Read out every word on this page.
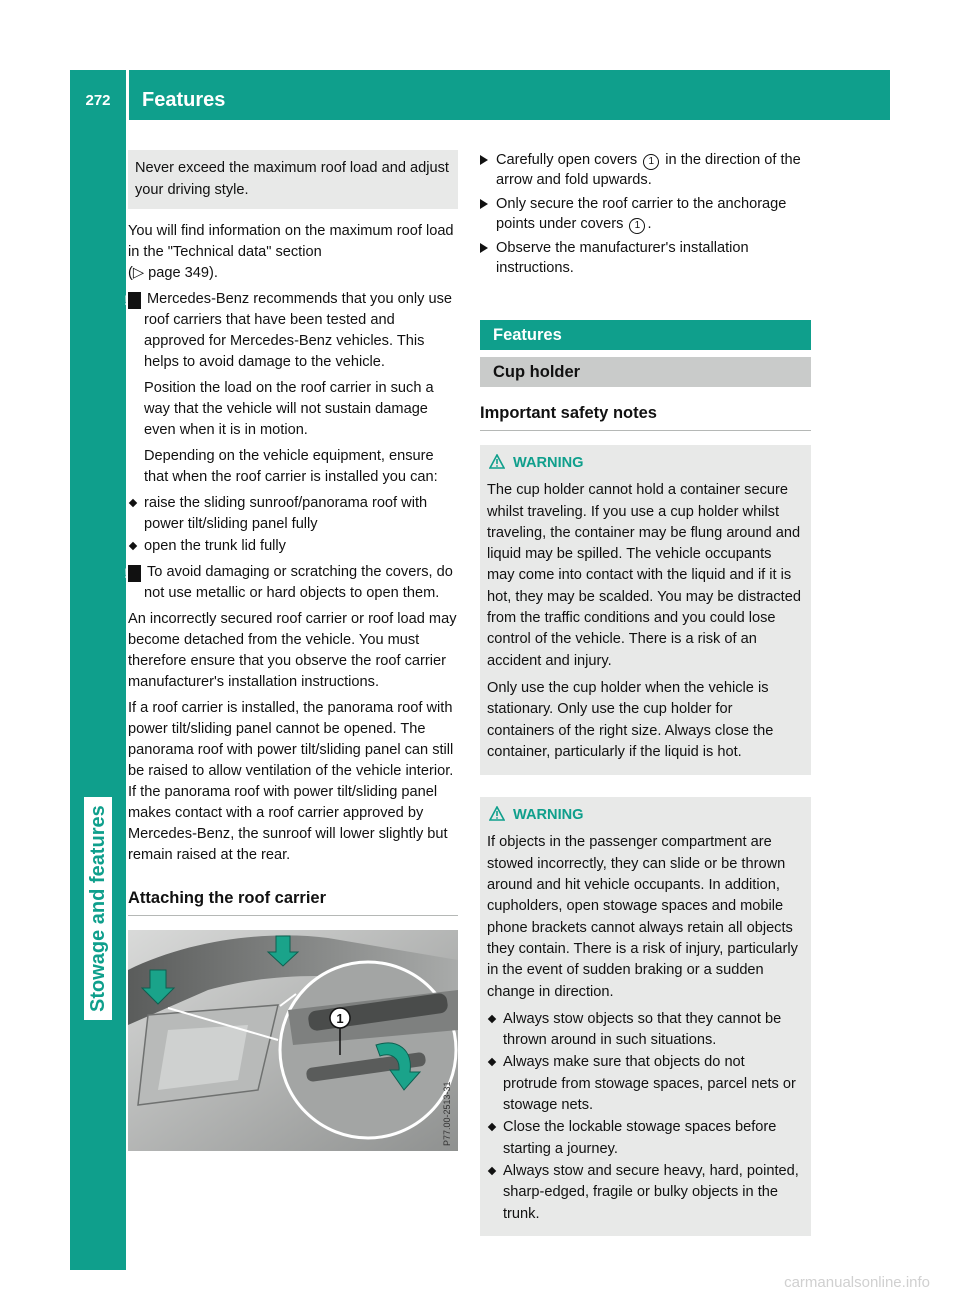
272	Features
Stowage and features
Never exceed the maximum roof load and adjust your driving style.

You will find information on the maximum roof load in the "Technical data" section
(▷ page 349).

! Mercedes-Benz recommends that you only use roof carriers that have been tested and approved for Mercedes-Benz vehicles. This helps to avoid damage to the vehicle.

Position the load on the roof carrier in such a way that the vehicle will not sustain damage even when it is in motion.

Depending on the vehicle equipment, ensure that when the roof carrier is installed you can:

raise the sliding sunroof/panorama roof with power tilt/sliding panel fully
open the trunk lid fully

! To avoid damaging or scratching the covers, do not use metallic or hard objects to open them.

An incorrectly secured roof carrier or roof load may become detached from the vehicle. You must therefore ensure that you observe the roof carrier manufacturer's installation instructions.

If a roof carrier is installed, the panorama roof with power tilt/sliding panel cannot be opened. The panorama roof with power tilt/sliding panel can still be raised to allow ventilation of the vehicle interior. If the panorama roof with power tilt/sliding panel makes contact with a roof carrier approved by Mercedes-Benz, the sunroof will lower slightly but remain raised at the rear.

Attaching the roof carrier
1
P77.00-2513-31
Carefully open covers 1 in the direction of the arrow and fold upwards.
Only secure the roof carrier to the anchorage points under covers 1 .
Observe the manufacturer's installation instructions.
Features
Cup holder
Important safety notes
WARNING

The cup holder cannot hold a container secure whilst traveling. If you use a cup holder whilst traveling, the container may be flung around and liquid may be spilled. The vehicle occupants may come into contact with the liquid and if it is hot, they may be scalded. You may be distracted from the traffic conditions and you could lose control of the vehicle. There is a risk of an accident and injury.

Only use the cup holder when the vehicle is stationary. Only use the cup holder for containers of the right size. Always close the container, particularly if the liquid is hot.

WARNING

If objects in the passenger compartment are stowed incorrectly, they can slide or be thrown around and hit vehicle occupants. In addition, cupholders, open stowage spaces and mobile phone brackets cannot always retain all objects they contain. There is a risk of injury, particularly in the event of sudden braking or a sudden change in direction.

Always stow objects so that they cannot be thrown around in such situations.
Always make sure that objects do not protrude from stowage spaces, parcel nets or stowage nets.
Close the lockable stowage spaces before starting a journey.
Always stow and secure heavy, hard, pointed, sharp-edged, fragile or bulky objects in the trunk.
carmanualsonline.info
